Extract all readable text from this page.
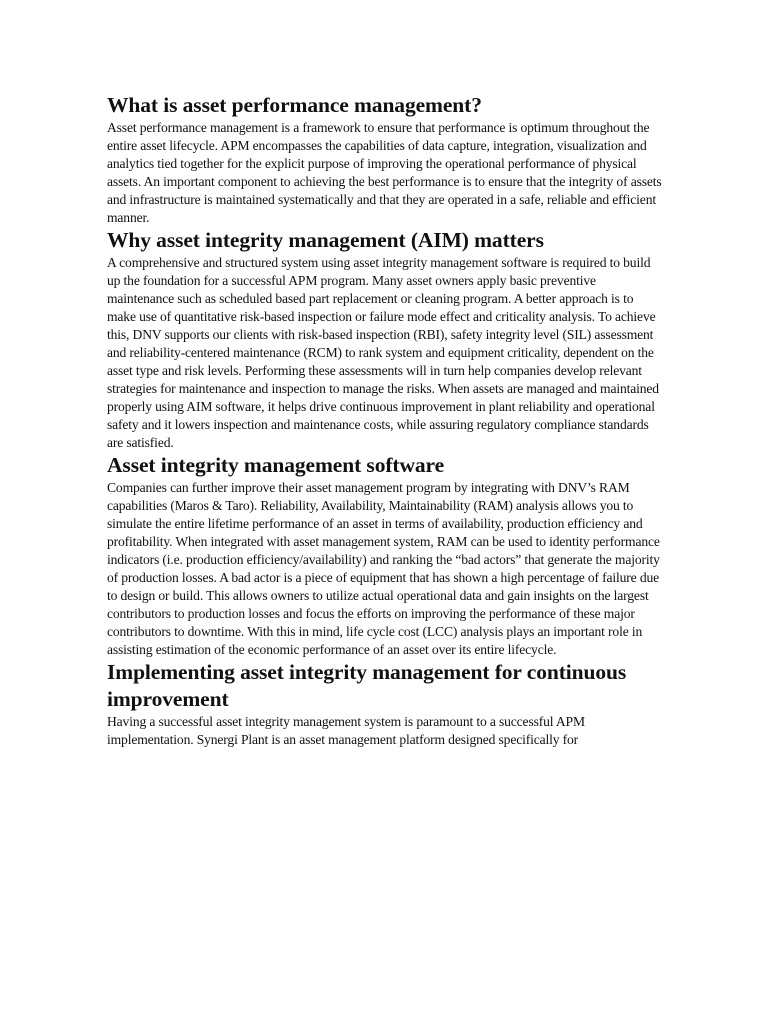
What is asset performance management?

Asset performance management is a framework to ensure that performance is optimum throughout the entire asset lifecycle. APM encompasses the capabilities of data capture, integration, visualization and analytics tied together for the explicit purpose of improving the operational performance of physical assets. An important component to achieving the best performance is to ensure that the integrity of assets and infrastructure is maintained systematically and that they are operated in a safe, reliable and efficient manner.

Why asset integrity management (AIM) matters

A comprehensive and structured system using asset integrity management software is required to build up the foundation for a successful APM program. Many asset owners apply basic preventive maintenance such as scheduled based part replacement or cleaning program. A better approach is to make use of quantitative risk-based inspection or failure mode effect and criticality analysis. To achieve this, DNV supports our clients with risk-based inspection (RBI), safety integrity level (SIL) assessment and reliability-centered maintenance (RCM) to rank system and equipment criticality, dependent on the asset type and risk levels. Performing these assessments will in turn help companies develop relevant strategies for maintenance and inspection to manage the risks. When assets are managed and maintained properly using AIM software, it helps drive continuous improvement in plant reliability and operational safety and it lowers inspection and maintenance costs, while assuring regulatory compliance standards are satisfied.

Asset integrity management software

Companies can further improve their asset management program by integrating with DNV’s RAM capabilities (Maros & Taro). Reliability, Availability, Maintainability (RAM) analysis allows you to simulate the entire lifetime performance of an asset in terms of availability, production efficiency and profitability. When integrated with asset management system, RAM can be used to identity performance indicators (i.e. production efficiency/availability) and ranking the “bad actors” that generate the majority of production losses. A bad actor is a piece of equipment that has shown a high percentage of failure due to design or build. This allows owners to utilize actual operational data and gain insights on the largest contributors to production losses and focus the efforts on improving the performance of these major contributors to downtime. With this in mind, life cycle cost (LCC) analysis plays an important role in assisting estimation of the economic performance of an asset over its entire lifecycle.

Implementing asset integrity management for continuous improvement

Having a successful asset integrity management system is paramount to a successful APM implementation. Synergi Plant is an asset management platform designed specifically for
